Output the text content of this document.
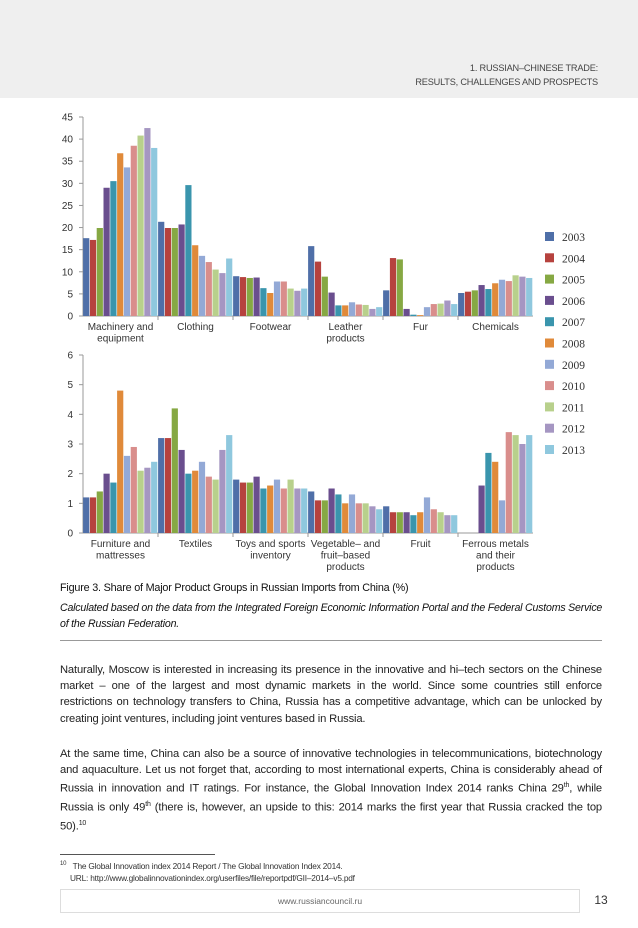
1. RUSSIAN–CHINESE TRADE:
RESULTS, CHALLENGES AND PROSPECTS
0
5
10
15
20
25
30
35
40
45
Machinery and
equipment
Clothing	Footwear	Leather
products
Fur	Chemicals
0
1
2
3
4
5
6
Furniture and
mattresses
Textiles Toys and sports
inventory
Vegetable– and
fruit–based
products
Fruit	Ferrous metals
and their
products
2003
2004
2005
2006
2007
2008
2009
2010
2011
2012
2013
Figure 3. Share of Major Product Groups in Russian Imports from China (%)
Calculated based on the data from the Integrated Foreign Economic Information Portal and the Federal Customs Service of the Russian Federation.

Naturally, Moscow is interested in increasing its presence in the innovative and hi–tech sectors on the Chinese market – one of the largest and most dynamic markets in the world. Since some countries still enforce restrictions on technology transfers to China, Russia has a competitive advantage, which can be unlocked by creating joint ventures, including joint ventures based in Russia.

At the same time, China can also be a source of innovative technologies in telecommunications, biotechnology and aquaculture. Let us not forget that, according to most international experts, China is considerably ahead of Russia in innovation and IT ratings. For instance, the Global Innovation Index 2014 ranks China 29th, while Russia is only 49th (there is, however, an upside to this: 2014 marks the first year that Russia cracked the top 50).$^{10}$

$^{10}$ The Global Innovation index 2014 Report / The Global Innovation Index 2014.
URL: http://www.globalinnovationindex.org/userfiles/file/reportpdf/GII–2014–v5.pdf
www.russiancouncil.ru	13
